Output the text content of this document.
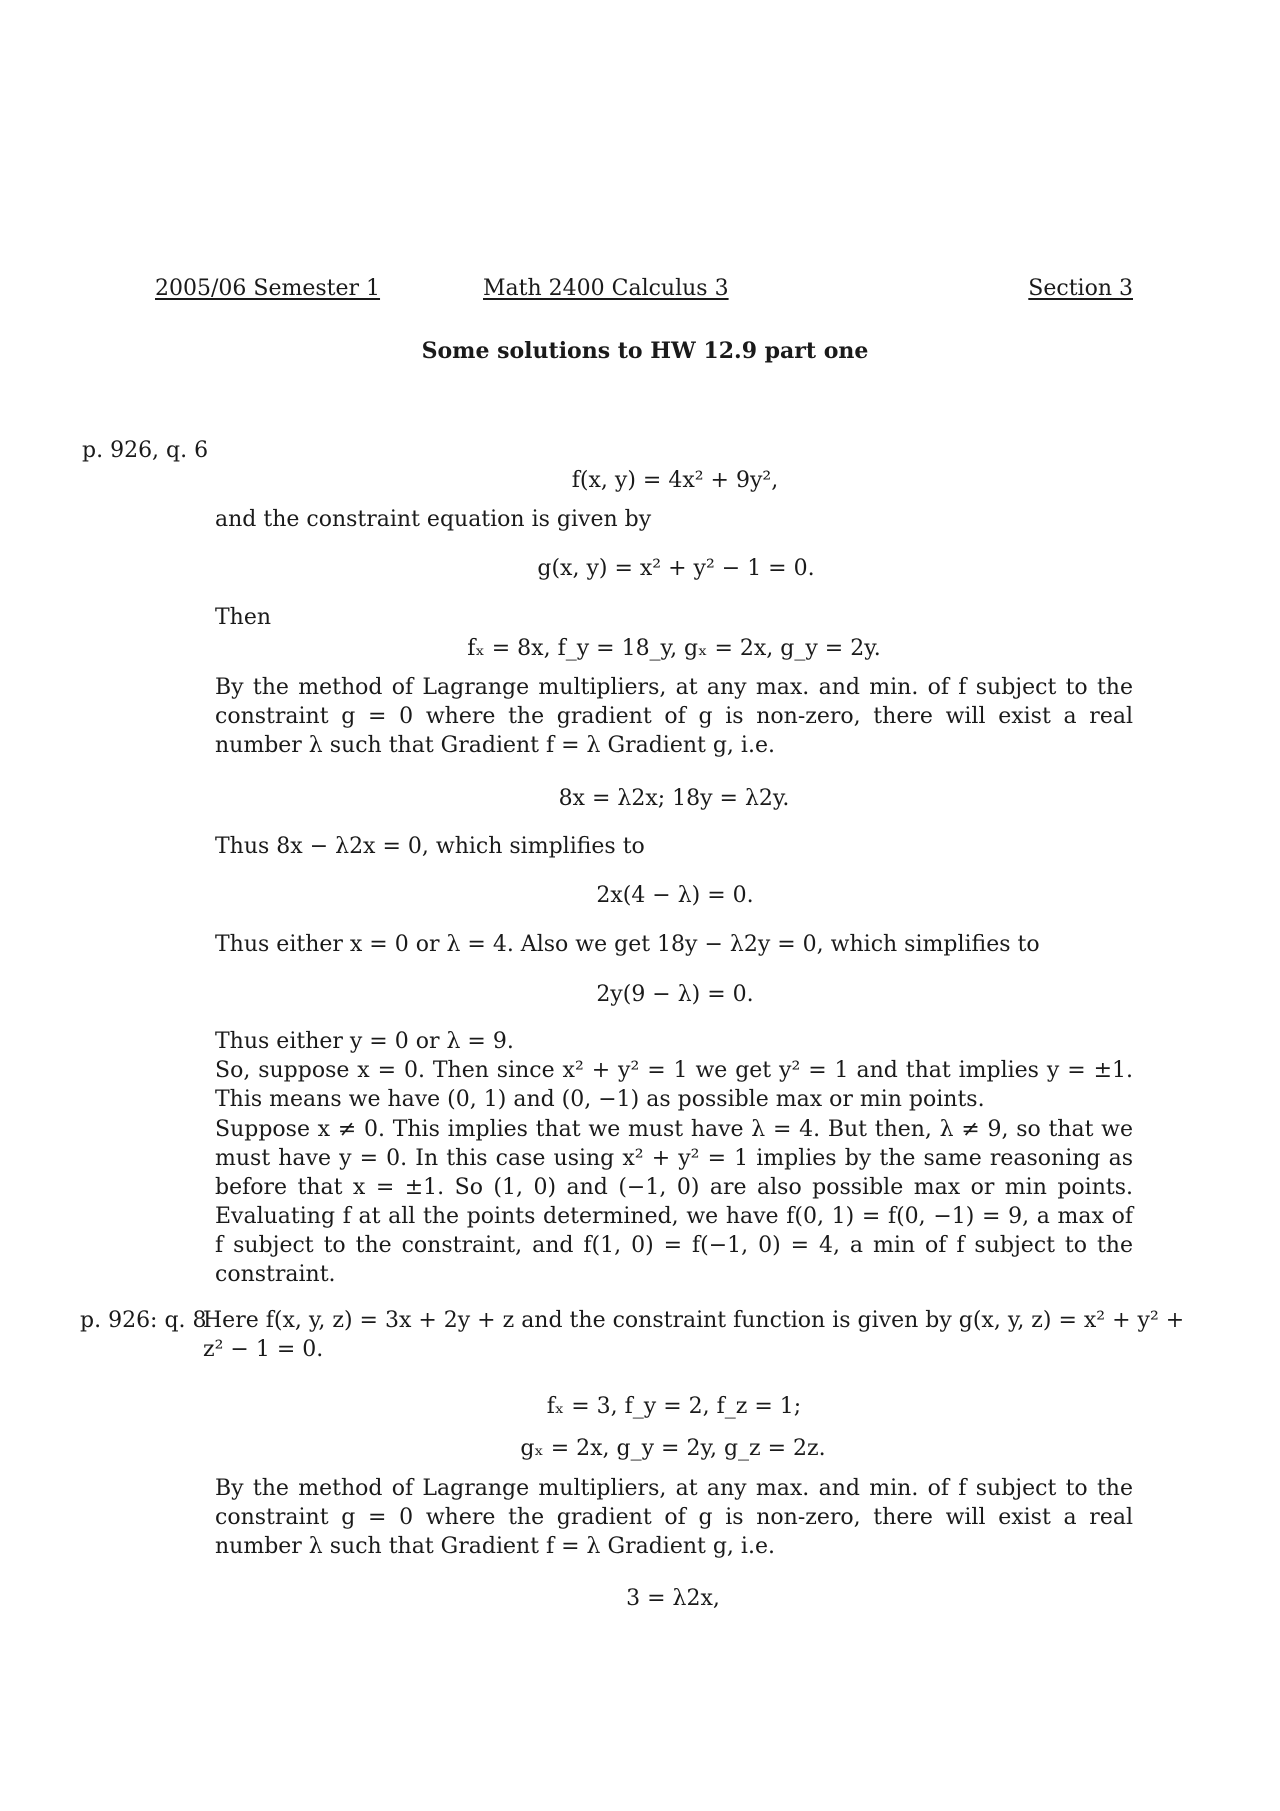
2005/06 Semester 1	Math 2400 Calculus 3	Section 3
Some solutions to HW 12.9 part one
p. 926, q. 6
f(x, y) = 4x² + 9y²,
and the constraint equation is given by
g(x, y) = x² + y² − 1 = 0.
Then
fₓ = 8x, f_y = 18_y, gₓ = 2x, g_y = 2y.
By the method of Lagrange multipliers, at any max. and min. of f subject to the constraint g = 0 where the gradient of g is non-zero, there will exist a real number λ such that Gradient f = λ Gradient g, i.e.
8x = λ2x; 18y = λ2y.
Thus 8x − λ2x = 0, which simplifies to
2x(4 − λ) = 0.
Thus either x = 0 or λ = 4. Also we get 18y − λ2y = 0, which simplifies to
2y(9 − λ) = 0.
Thus either y = 0 or λ = 9.
So, suppose x = 0. Then since x² + y² = 1 we get y² = 1 and that implies y = ±1. This means we have (0, 1) and (0, −1) as possible max or min points.
Suppose x ≠ 0. This implies that we must have λ = 4. But then, λ ≠ 9, so that we must have y = 0. In this case using x² + y² = 1 implies by the same reasoning as before that x = ±1. So (1, 0) and (−1, 0) are also possible max or min points. Evaluating f at all the points determined, we have f(0, 1) = f(0, −1) = 9, a max of f subject to the constraint, and f(1, 0) = f(−1, 0) = 4, a min of f subject to the constraint.
p. 926: q. 8
Here f(x, y, z) = 3x + 2y + z and the constraint function is given by g(x, y, z) = x² + y² +
z² − 1 = 0.
fₓ = 3, f_y = 2, f_z = 1;
gₓ = 2x, g_y = 2y, g_z = 2z.
By the method of Lagrange multipliers, at any max. and min. of f subject to the constraint g = 0 where the gradient of g is non-zero, there will exist a real number λ such that Gradient f = λ Gradient g, i.e.
3 = λ2x,
